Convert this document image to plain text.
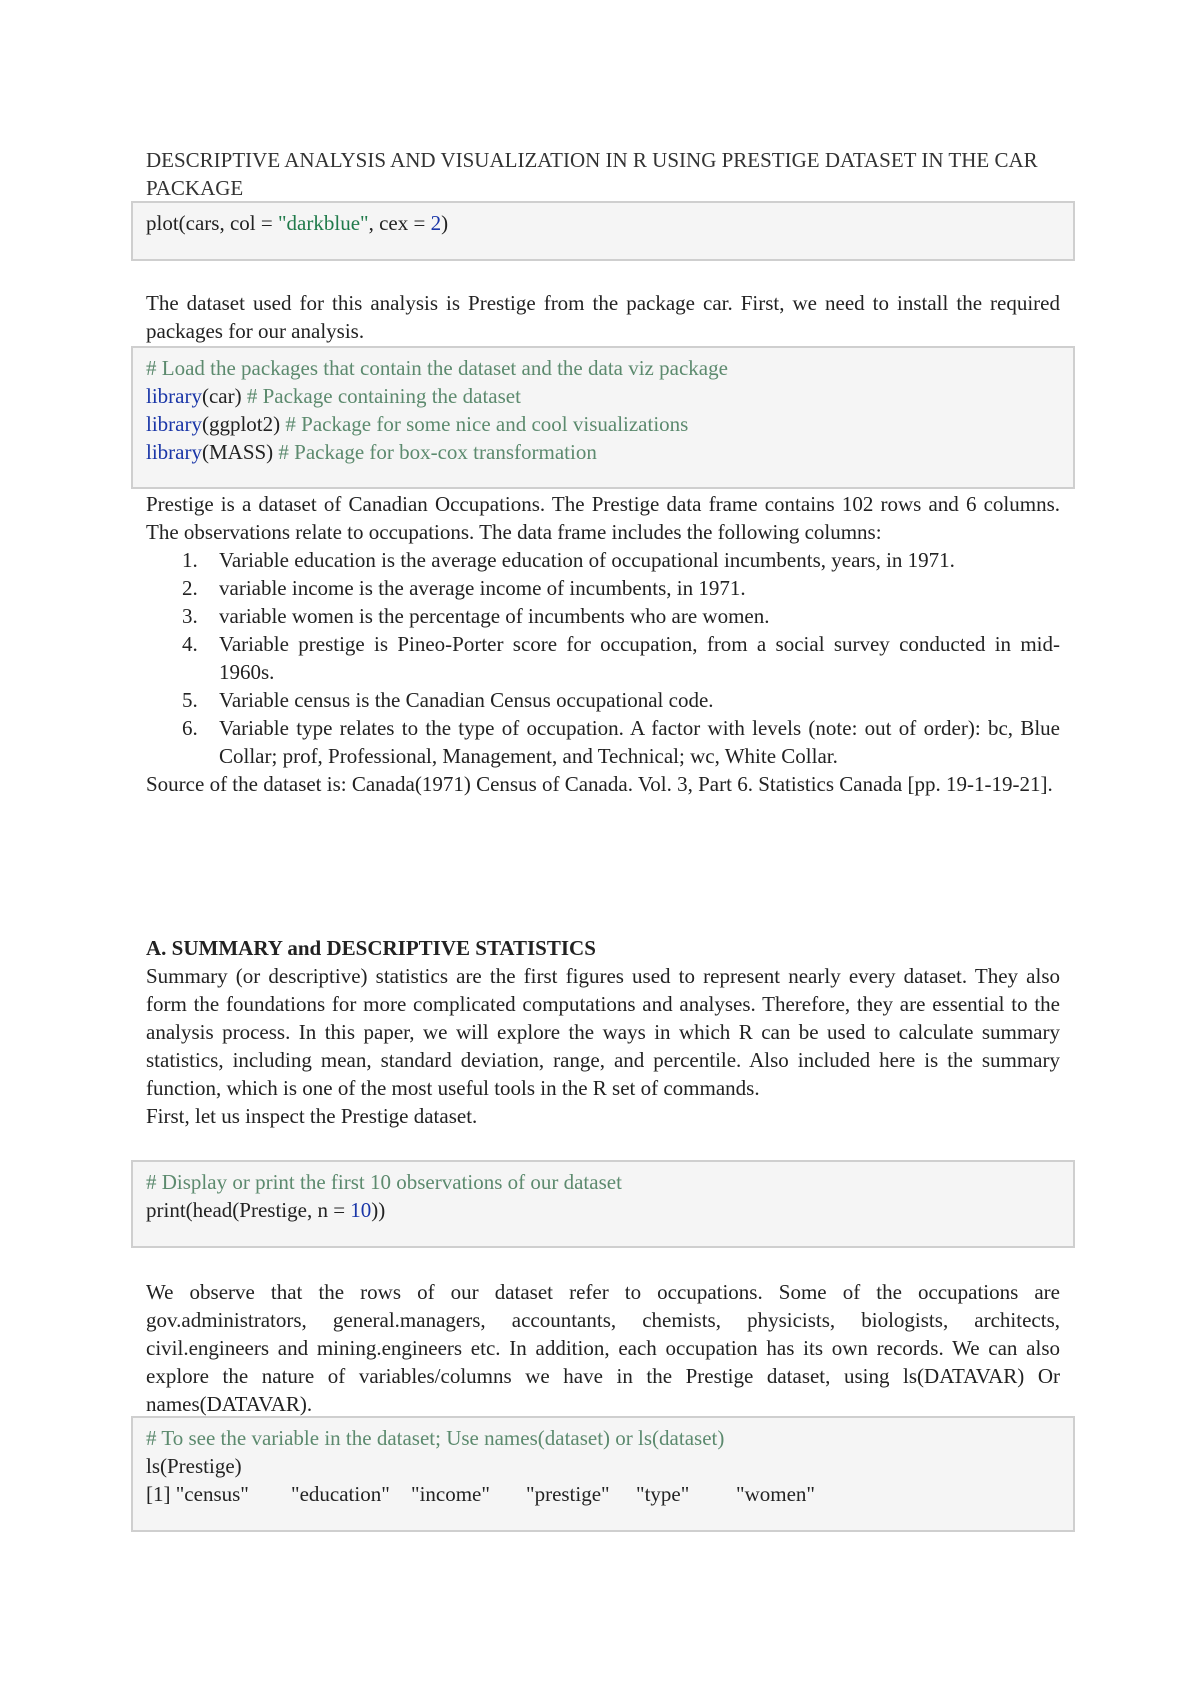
DESCRIPTIVE ANALYSIS AND VISUALIZATION IN R USING PRESTIGE DATASET IN THE CAR PACKAGE

plot(cars, col = "darkblue", cex = 2)

The dataset used for this analysis is Prestige from the package car. First, we need to install the required packages for our analysis.

# Load the packages that contain the dataset and the data viz package
library(car) # Package containing the dataset
library(ggplot2) # Package for some nice and cool visualizations
library(MASS) # Package for box-cox transformation

Prestige is a dataset of Canadian Occupations. The Prestige data frame contains 102 rows and 6 columns. The observations relate to occupations. The data frame includes the following columns:

1. Variable education is the average education of occupational incumbents, years, in 1971.
2. variable income is the average income of incumbents, in 1971.
3. variable women is the percentage of incumbents who are women.
4. Variable prestige is Pineo-Porter score for occupation, from a social survey conducted in mid-1960s.
5. Variable census is the Canadian Census occupational code.
6. Variable type relates to the type of occupation. A factor with levels (note: out of order): bc, Blue Collar; prof, Professional, Management, and Technical; wc, White Collar.

Source of the dataset is: Canada(1971) Census of Canada. Vol. 3, Part 6. Statistics Canada [pp. 19-1-19-21].

A. SUMMARY and DESCRIPTIVE STATISTICS

Summary (or descriptive) statistics are the first figures used to represent nearly every dataset. They also form the foundations for more complicated computations and analyses. Therefore, they are essential to the analysis process. In this paper, we will explore the ways in which R can be used to calculate summary statistics, including mean, standard deviation, range, and percentile. Also included here is the summary function, which is one of the most useful tools in the R set of commands.

First, let us inspect the Prestige dataset.

# Display or print the first 10 observations of our dataset
print(head(Prestige, n = 10))

We observe that the rows of our dataset refer to occupations. Some of the occupations are gov.administrators, general.managers, accountants, chemists, physicists, biologists, architects, civil.engineers and mining.engineers etc. In addition, each occupation has its own records. We can also explore the nature of variables/columns we have in the Prestige dataset, using ls(DATAVAR) Or names(DATAVAR).

# To see the variable in the dataset; Use names(dataset) or ls(dataset)
ls(Prestige)
[1] "census" "education" "income" "prestige" "type" "women"
